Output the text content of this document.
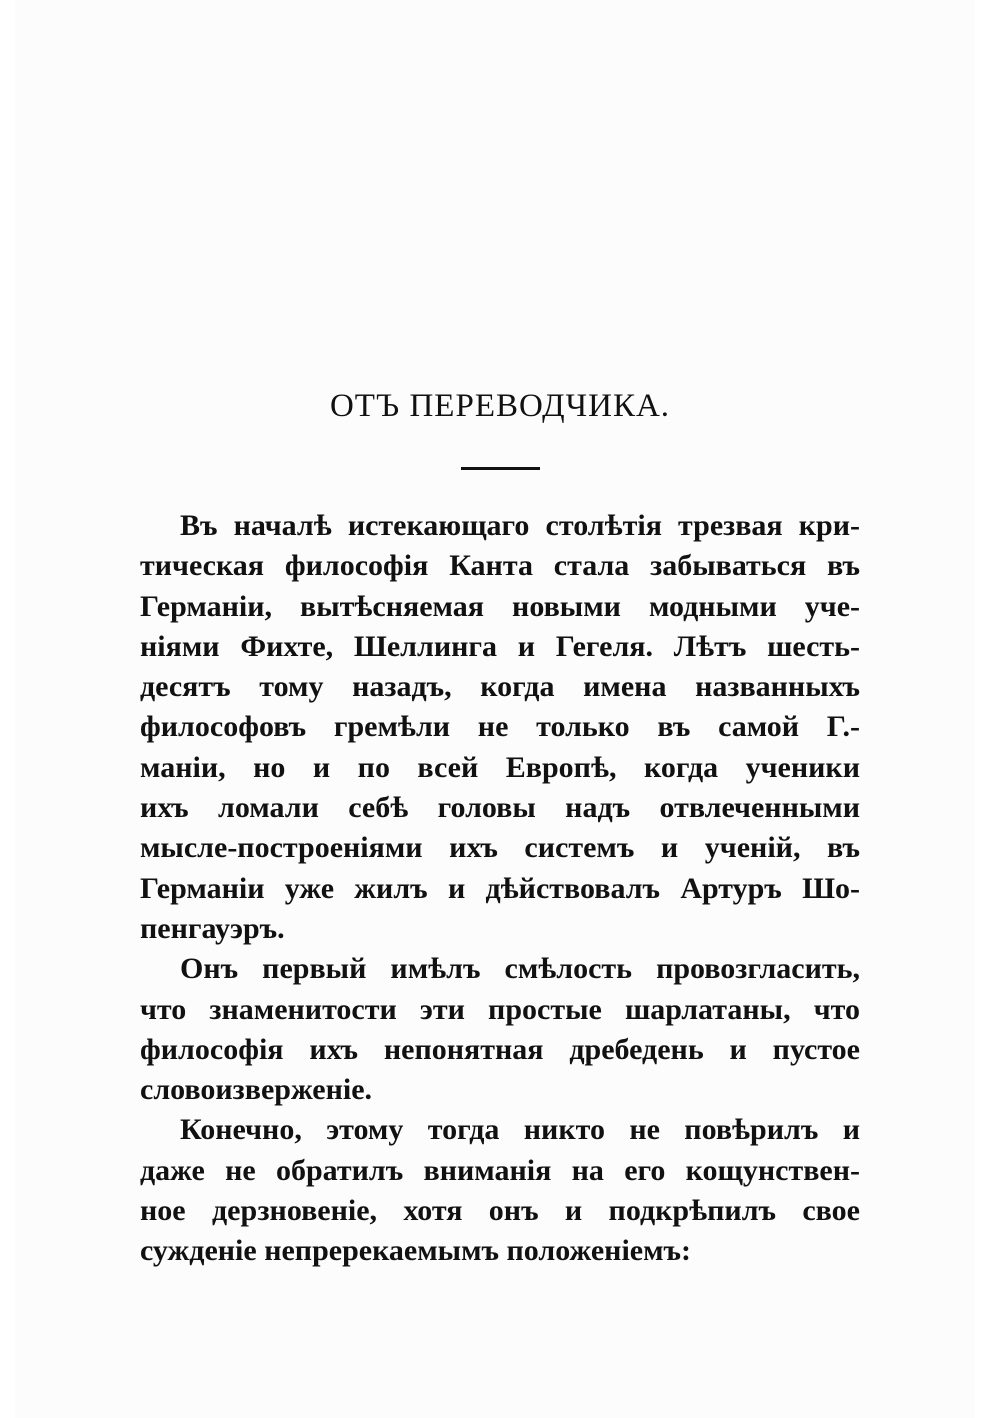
ОТЪ ПЕРЕВОДЧИКА.
Въ началѣ истекающаго столѣтія трезвая кри-
тическая философія Канта стала забываться въ
Германіи, вытѣсняемая новыми модными уче-
ніями Фихте, Шеллинга и Гегеля. Лѣтъ шесть-
десятъ тому назадъ, когда имена названныхъ
философовъ гремѣли не только въ самой Г.-
маніи, но и по всей Европѣ, когда ученики
ихъ ломали себѣ головы надъ отвлеченными
мысле-построеніями ихъ системъ и ученій, въ
Германіи уже жилъ и дѣйствовалъ Артуръ Шо-
пенгауэръ.
Онъ первый имѣлъ смѣлость провозгласить,
что знаменитости эти простые шарлатаны, что
философія ихъ непонятная дребедень и пустое
словоизверженіе.
Конечно, этому тогда никто не повѣрилъ и
даже не обратилъ вниманія на его кощунствен-
ное дерзновеніе, хотя онъ и подкрѣпилъ свое
сужденіе непререкаемымъ положеніемъ:
